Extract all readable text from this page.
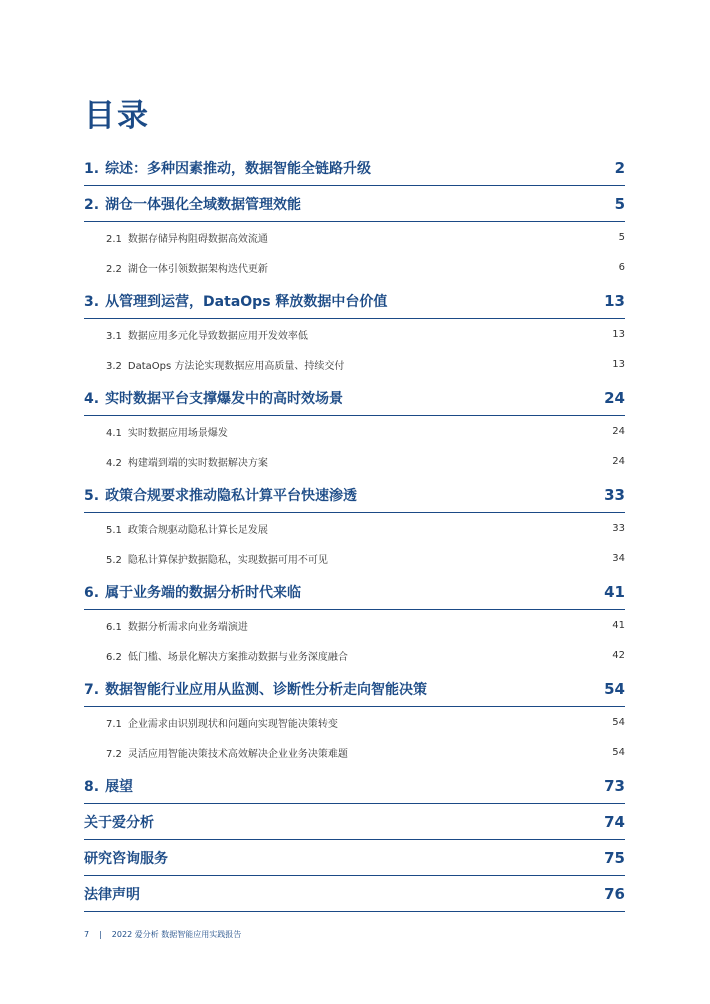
目录
1. 综述：多种因素推动，数据智能全链路升级	2
2. 湖仓一体强化全域数据管理效能	5
2.1 数据存储异构阻碍数据高效流通	5
2.2 湖仓一体引领数据架构迭代更新	6
3. 从管理到运营，DataOps 释放数据中台价值	13
3.1 数据应用多元化导致数据应用开发效率低	13
3.2 DataOps 方法论实现数据应用高质量、持续交付	13
4. 实时数据平台支撑爆发中的高时效场景	24
4.1 实时数据应用场景爆发	24
4.2 构建端到端的实时数据解决方案	24
5. 政策合规要求推动隐私计算平台快速渗透	33
5.1 政策合规驱动隐私计算长足发展	33
5.2 隐私计算保护数据隐私，实现数据可用不可见	34
6. 属于业务端的数据分析时代来临	41
6.1 数据分析需求向业务端演进	41
6.2 低门槛、场景化解决方案推动数据与业务深度融合	42
7. 数据智能行业应用从监测、诊断性分析走向智能决策	54
7.1 企业需求由识别现状和问题向实现智能决策转变	54
7.2 灵活应用智能决策技术高效解决企业业务决策难题	54
8. 展望	73
关于爱分析	74
研究咨询服务	75
法律声明	76
7 | 2022 爱分析 数据智能应用实践报告
